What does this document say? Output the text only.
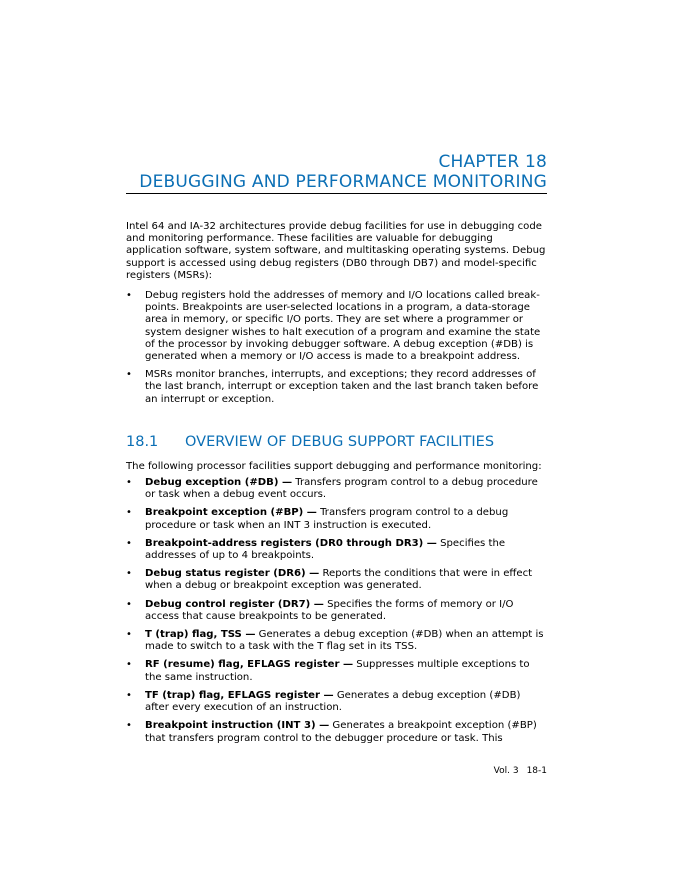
CHAPTER 18
DEBUGGING AND PERFORMANCE MONITORING

Intel 64 and IA-32 architectures provide debug facilities for use in debugging code and monitoring performance. These facilities are valuable for debugging application software, system software, and multitasking operating systems. Debug support is accessed using debug registers (DB0 through DB7) and model-specific registers (MSRs):

• Debug registers hold the addresses of memory and I/O locations called break-points. Breakpoints are user-selected locations in a program, a data-storage area in memory, or specific I/O ports. They are set where a programmer or system designer wishes to halt execution of a program and examine the state of the processor by invoking debugger software. A debug exception (#DB) is generated when a memory or I/O access is made to a breakpoint address.
• MSRs monitor branches, interrupts, and exceptions; they record addresses of the last branch, interrupt or exception taken and the last branch taken before an interrupt or exception.
18.1 OVERVIEW OF DEBUG SUPPORT FACILITIES

The following processor facilities support debugging and performance monitoring:

• Debug exception (#DB) — Transfers program control to a debug procedure or task when a debug event occurs.
• Breakpoint exception (#BP) — Transfers program control to a debug procedure or task when an INT 3 instruction is executed.
• Breakpoint-address registers (DR0 through DR3) — Specifies the addresses of up to 4 breakpoints.
• Debug status register (DR6) — Reports the conditions that were in effect when a debug or breakpoint exception was generated.
• Debug control register (DR7) — Specifies the forms of memory or I/O access that cause breakpoints to be generated.
• T (trap) flag, TSS — Generates a debug exception (#DB) when an attempt is made to switch to a task with the T flag set in its TSS.
• RF (resume) flag, EFLAGS register — Suppresses multiple exceptions to the same instruction.
• TF (trap) flag, EFLAGS register — Generates a debug exception (#DB) after every execution of an instruction.
• Breakpoint instruction (INT 3) — Generates a breakpoint exception (#BP) that transfers program control to the debugger procedure or task. This
Vol. 3 18-1
